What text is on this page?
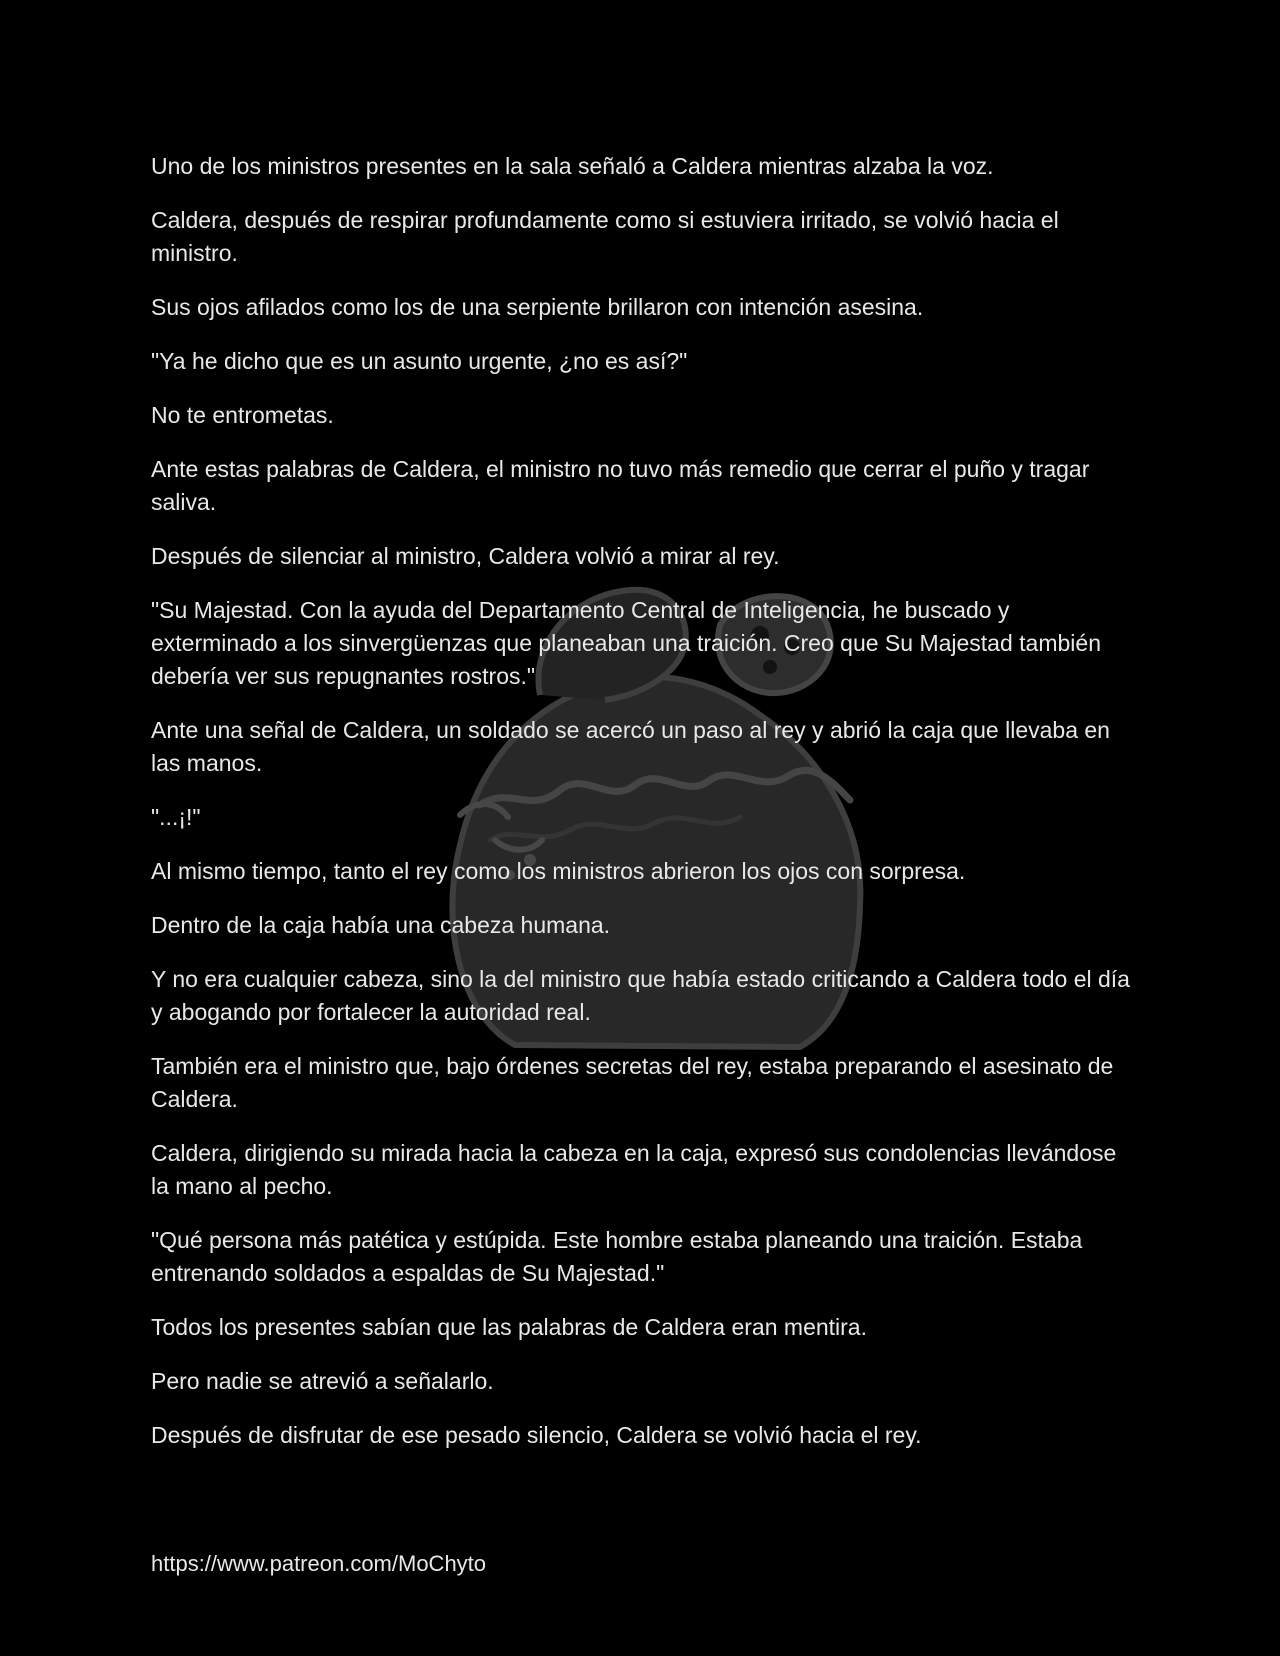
Uno de los ministros presentes en la sala señaló a Caldera mientras alzaba la voz.

Caldera, después de respirar profundamente como si estuviera irritado, se volvió hacia el ministro.

Sus ojos afilados como los de una serpiente brillaron con intención asesina.

"Ya he dicho que es un asunto urgente, ¿no es así?"

No te entrometas.

Ante estas palabras de Caldera, el ministro no tuvo más remedio que cerrar el puño y tragar saliva.

Después de silenciar al ministro, Caldera volvió a mirar al rey.

"Su Majestad. Con la ayuda del Departamento Central de Inteligencia, he buscado y exterminado a los sinvergüenzas que planeaban una traición. Creo que Su Majestad también debería ver sus repugnantes rostros."

Ante una señal de Caldera, un soldado se acercó un paso al rey y abrió la caja que llevaba en las manos.

"...¡!"

Al mismo tiempo, tanto el rey como los ministros abrieron los ojos con sorpresa.

Dentro de la caja había una cabeza humana.

Y no era cualquier cabeza, sino la del ministro que había estado criticando a Caldera todo el día y abogando por fortalecer la autoridad real.

También era el ministro que, bajo órdenes secretas del rey, estaba preparando el asesinato de Caldera.

Caldera, dirigiendo su mirada hacia la cabeza en la caja, expresó sus condolencias llevándose la mano al pecho.

"Qué persona más patética y estúpida. Este hombre estaba planeando una traición. Estaba entrenando soldados a espaldas de Su Majestad."

Todos los presentes sabían que las palabras de Caldera eran mentira.

Pero nadie se atrevió a señalarlo.

Después de disfrutar de ese pesado silencio, Caldera se volvió hacia el rey.

https://www.patreon.com/MoChyto
